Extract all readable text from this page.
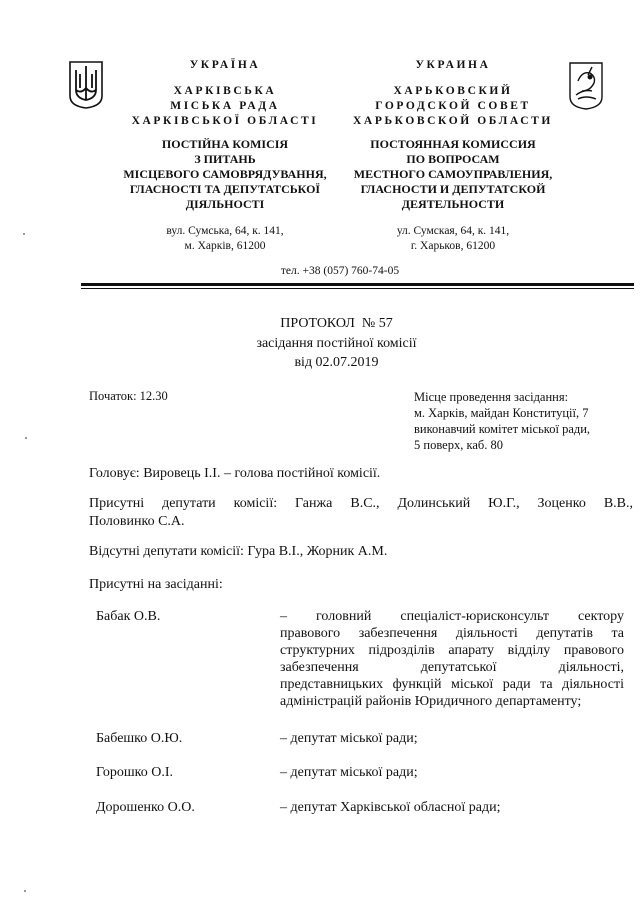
УКРАЇНА
ХАРКІВСЬКА
МІСЬКА РАДА
ХАРКІВСЬКОЇ ОБЛАСТІ
ПОСТІЙНА КОМІСІЯ
З ПИТАНЬ
МІСЦЕВОГО САМОВРЯДУВАННЯ,
ГЛАСНОСТІ ТА ДЕПУТАТСЬКОЇ
ДІЯЛЬНОСТІ
вул. Сумська, 64, к. 141,
м. Харків, 61200
УКРАИНА
ХАРЬКОВСКИЙ
ГОРОДСКОЙ СОВЕТ
ХАРЬКОВСКОЙ ОБЛАСТИ
ПОСТОЯННАЯ КОМИССИЯ
ПО ВОПРОСАМ
МЕСТНОГО САМОУПРАВЛЕНИЯ,
ГЛАСНОСТИ И ДЕПУТАТСКОЙ
ДЕЯТЕЛЬНОСТИ
ул. Сумская, 64, к. 141,
г. Харьков, 61200
тел. +38 (057) 760-74-05
ПРОТОКОЛ  № 57
засідання постійної комісії
від 02.07.2019
Початок: 12.30	Місце проведення засідання:
м. Харків, майдан Конституції, 7
виконавчий комітет міської ради,
5 поверх, каб. 80
Головує: Вировець І.І. – голова постійної комісії.
Присутні депутати комісії: Ганжа В.С., Долинський Ю.Г., Зоценко В.В.,
Половинко С.А.
Відсутні депутати комісії: Гура В.І., Жорник А.М.
Присутні на засіданні:
Бабак О.В.	– головний спеціаліст-юрисконсульт сектору
правового забезпечення діяльності депутатів та
структурних підрозділів апарату відділу правового
забезпечення депутатської діяльності,
представницьких функцій міської ради та діяльності
адміністрацій районів Юридичного департаменту;
Бабешко О.Ю.	– депутат міської ради;
Горошко О.І.	– депутат міської ради;
Дорошенко О.О.	– депутат Харківської обласної ради;
